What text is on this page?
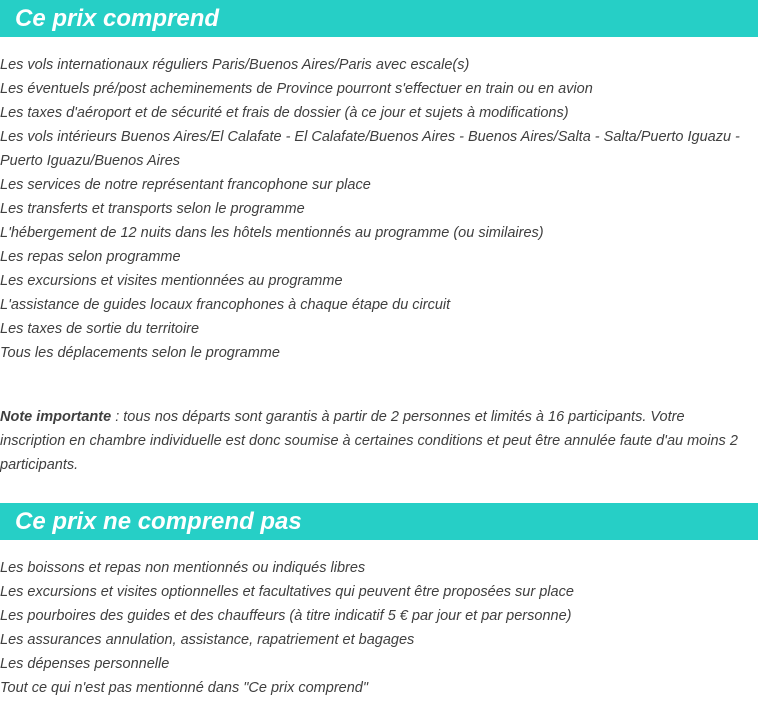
Ce prix comprend
Les vols internationaux réguliers Paris/Buenos Aires/Paris avec escale(s)
Les éventuels pré/post acheminements de Province pourront s'effectuer en train ou en avion
Les taxes d'aéroport et de sécurité et frais de dossier (à ce jour et sujets à modifications)
Les vols intérieurs Buenos Aires/El Calafate - El Calafate/Buenos Aires - Buenos Aires/Salta - Salta/Puerto Iguazu - Puerto Iguazu/Buenos Aires
Les services de notre représentant francophone sur place
Les transferts et transports selon le programme
L'hébergement de 12 nuits dans les hôtels mentionnés au programme (ou similaires)
Les repas selon programme
Les excursions et visites mentionnées au programme
L'assistance de guides locaux francophones à chaque étape du circuit
Les taxes de sortie du territoire
Tous les déplacements selon le programme

Note importante : tous nos départs sont garantis à partir de 2 personnes et limités à 16 participants. Votre inscription en chambre individuelle est donc soumise à certaines conditions et peut être annulée faute d'au moins 2 participants.

Ce prix ne comprend pas
Les boissons et repas non mentionnés ou indiqués libres
Les excursions et visites optionnelles et facultatives qui peuvent être proposées sur place
Les pourboires des guides et des chauffeurs (à titre indicatif 5 € par jour et par personne)
Les assurances annulation, assistance, rapatriement et bagages
Les dépenses personnelle
Tout ce qui n'est pas mentionné dans "Ce prix comprend"
